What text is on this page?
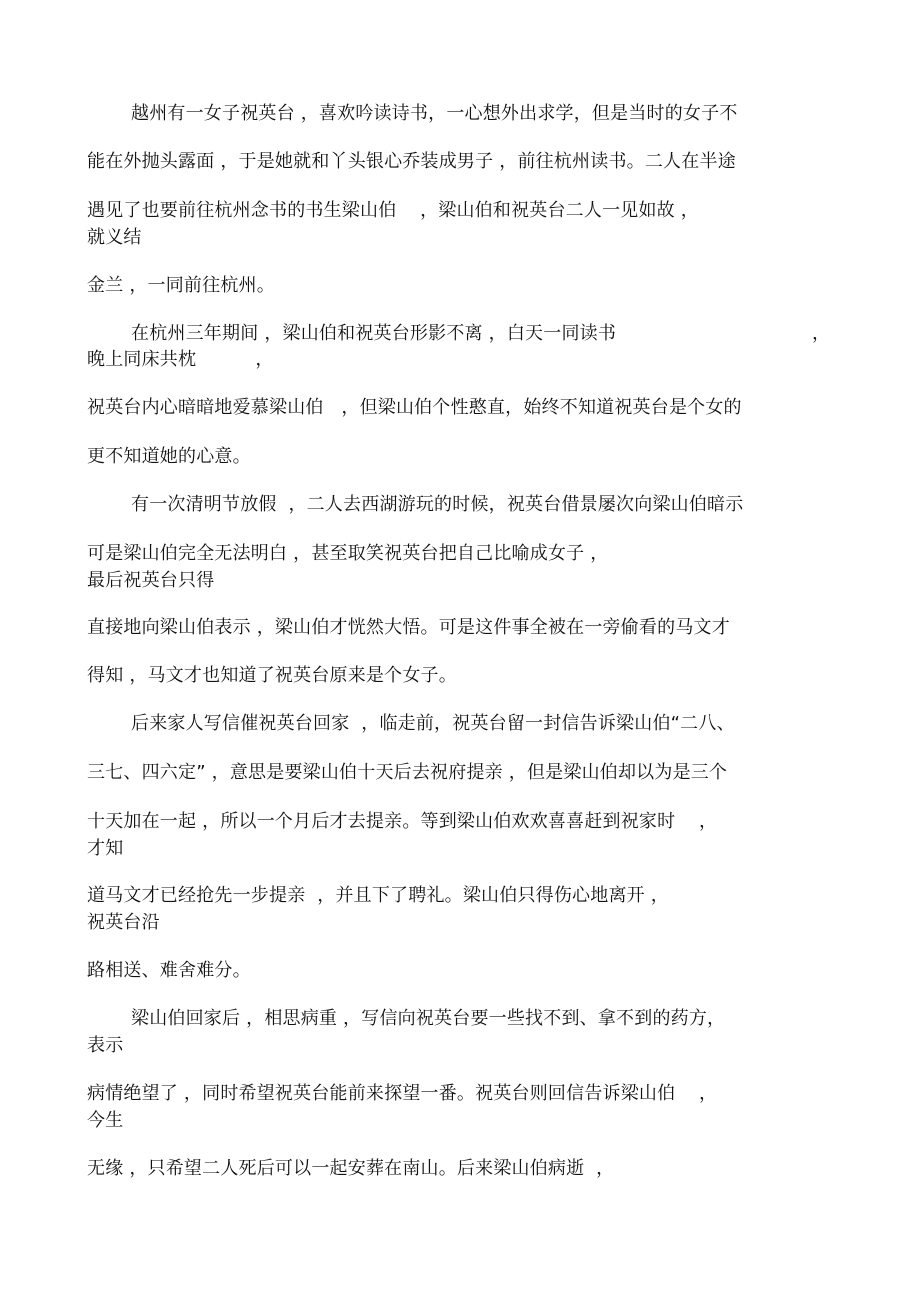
越州有一女子祝英台 ，喜欢吟读诗书，一心想外出求学，但是当时的女子不
能在外抛头露面 ，于是她就和丫头银心乔装成男子 ，前往杭州读书。二人在半途
遇见了也要前往杭州念书的书生梁山伯    ，梁山伯和祝英台二人一见如故 ，
就义结
金兰 ，一同前往杭州。
在杭州三年期间 ，梁山伯和祝英台形影不离 ，白天一同读书	，
晚上同床共枕          ，
祝英台内心暗暗地爱慕梁山伯   ，但梁山伯个性憨直，始终不知道祝英台是个女的
更不知道她的心意。
有一次清明节放假  ，二人去西湖游玩的时候，祝英台借景屡次向梁山伯暗示
可是梁山伯完全无法明白 ，甚至取笑祝英台把自己比喻成女子 ，
最后祝英台只得
直接地向梁山伯表示 ，梁山伯才恍然大悟。可是这件事全被在一旁偷看的马文才
得知 ，马文才也知道了祝英台原来是个女子。
后来家人写信催祝英台回家  ，临走前，祝英台留一封信告诉梁山伯“二八、
三七、四六定” ，意思是要梁山伯十天后去祝府提亲 ，但是梁山伯却以为是三个
十天加在一起 ，所以一个月后才去提亲。等到梁山伯欢欢喜喜赶到祝家时    ，
才知
道马文才已经抢先一步提亲  ，并且下了聘礼。梁山伯只得伤心地离开 ，
祝英台沿
路相送、难舍难分。
梁山伯回家后 ，相思病重 ，写信向祝英台要一些找不到、拿不到的药方，
表示
病情绝望了 ，同时希望祝英台能前来探望一番。祝英台则回信告诉梁山伯    ，
今生
无缘 ，只希望二人死后可以一起安葬在南山。后来梁山伯病逝  ，
